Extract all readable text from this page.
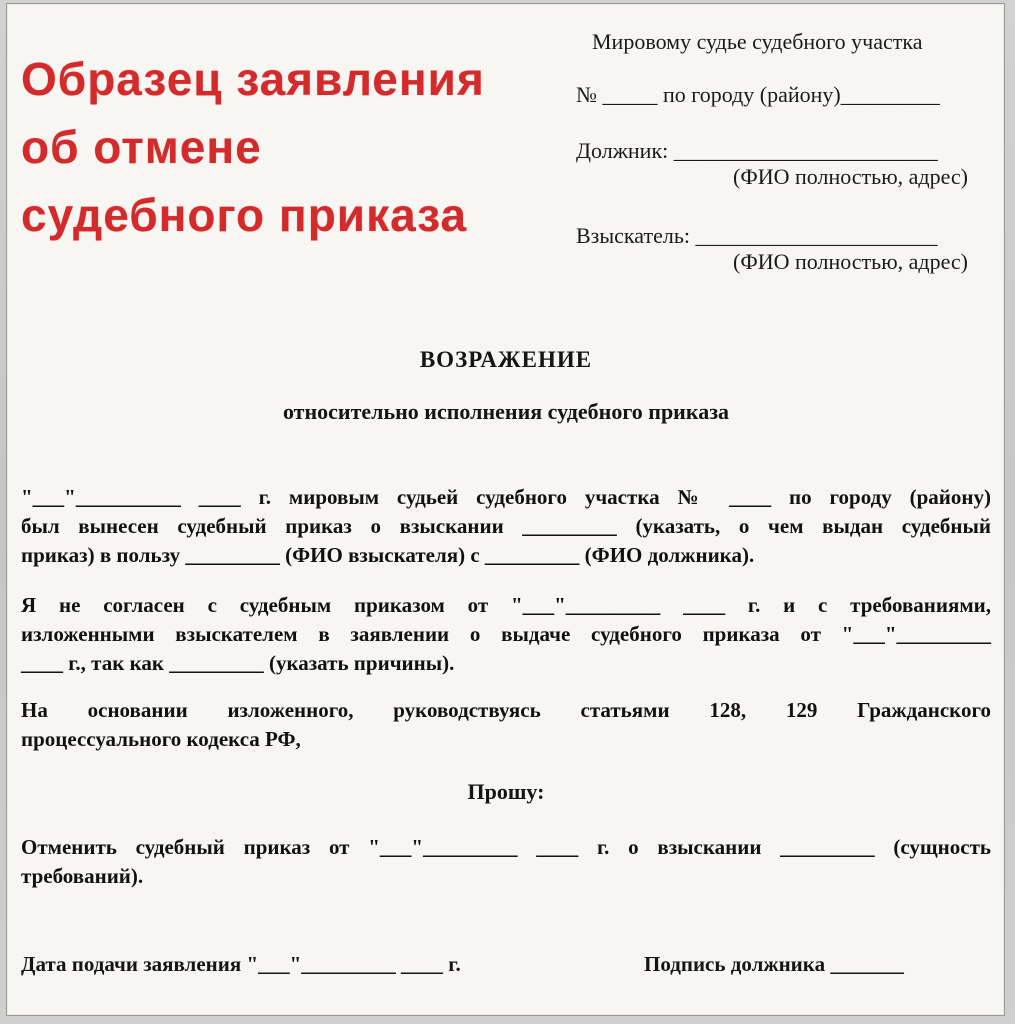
Образец заявления
об отмене
судебного приказа
Мировому судье судебного участка
№ _____ по городу (району)_________
Должник: ________________________
(ФИО полностью, адрес)
Взыскатель: ______________________
(ФИО полностью, адрес)
ВОЗРАЖЕНИЕ
относительно исполнения судебного приказа
"___"__________ ____ г. мировым судьей судебного участка № ____ по городу (району)
был вынесен судебный приказ о взыскании _________ (указать, о чем выдан судебный
приказ) в пользу _________ (ФИО взыскателя) с _________ (ФИО должника).
Я не согласен с судебным приказом от "___"_________ ____ г. и с требованиями,
изложенными взыскателем в заявлении о выдаче судебного приказа от "___"_________
____ г., так как _________ (указать причины).
На основании изложенного, руководствуясь статьями 128, 129 Гражданского
процессуального кодекса РФ,
Прошу:
Отменить судебный приказ от "___"_________ ____ г. о взыскании _________ (сущность
требований).
Дата подачи заявления "___"_________ ____ г.	Подпись должника _______
